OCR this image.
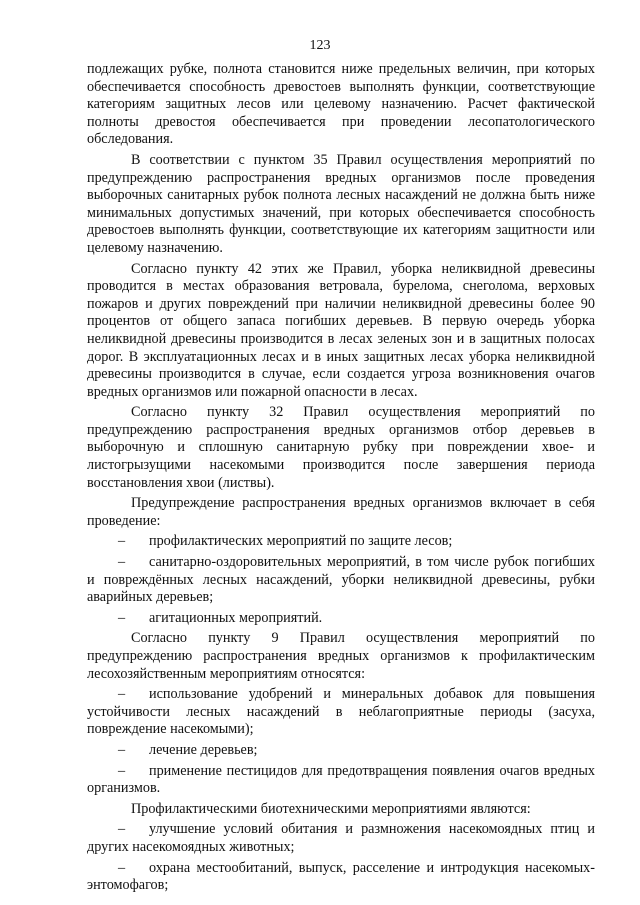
123
подлежащих рубке, полнота становится ниже предельных величин, при которых обеспечивается способность древостоев выполнять функции, соответствующие категориям защитных лесов или целевому назначению. Расчет фактической полноты древостоя обеспечивается при проведении лесопатологического обследования.
В соответствии с пунктом 35 Правил осуществления мероприятий по предупреждению распространения вредных организмов после проведения выборочных санитарных рубок полнота лесных насаждений не должна быть ниже минимальных допустимых значений, при которых обеспечивается способность древостоев выполнять функции, соответствующие их категориям защитности или целевому назначению.
Согласно пункту 42 этих же Правил, уборка неликвидной древесины проводится в местах образования ветровала, бурелома, снеголома, верховых пожаров и других повреждений при наличии неликвидной древесины более 90 процентов от общего запаса погибших деревьев. В первую очередь уборка неликвидной древесины производится в лесах зеленых зон и в защитных полосах дорог. В эксплуатационных лесах и в иных защитных лесах уборка неликвидной древесины производится в случае, если создается угроза возникновения очагов вредных организмов или пожарной опасности в лесах.
Согласно пункту 32 Правил осуществления мероприятий по предупреждению распространения вредных организмов отбор деревьев в выборочную и сплошную санитарную рубку при повреждении хвое- и листогрызущими насекомыми производится после завершения периода восстановления хвои (листвы).
Предупреждение распространения вредных организмов включает в себя проведение:
– профилактических мероприятий по защите лесов;
– санитарно-оздоровительных мероприятий, в том числе рубок погибших и повреждённых лесных насаждений, уборки неликвидной древесины, рубки аварийных деревьев;
– агитационных мероприятий.
Согласно пункту 9 Правил осуществления мероприятий по предупреждению распространения вредных организмов к профилактическим лесохозяйственным мероприятиям относятся:
– использование удобрений и минеральных добавок для повышения устойчивости лесных насаждений в неблагоприятные периоды (засуха, повреждение насекомыми);
– лечение деревьев;
– применение пестицидов для предотвращения появления очагов вредных организмов.
Профилактическими биотехническими мероприятиями являются:
– улучшение условий обитания и размножения насекомоядных птиц и других насекомоядных животных;
– охрана местообитаний, выпуск, расселение и интродукция насекомых-энтомофагов;
